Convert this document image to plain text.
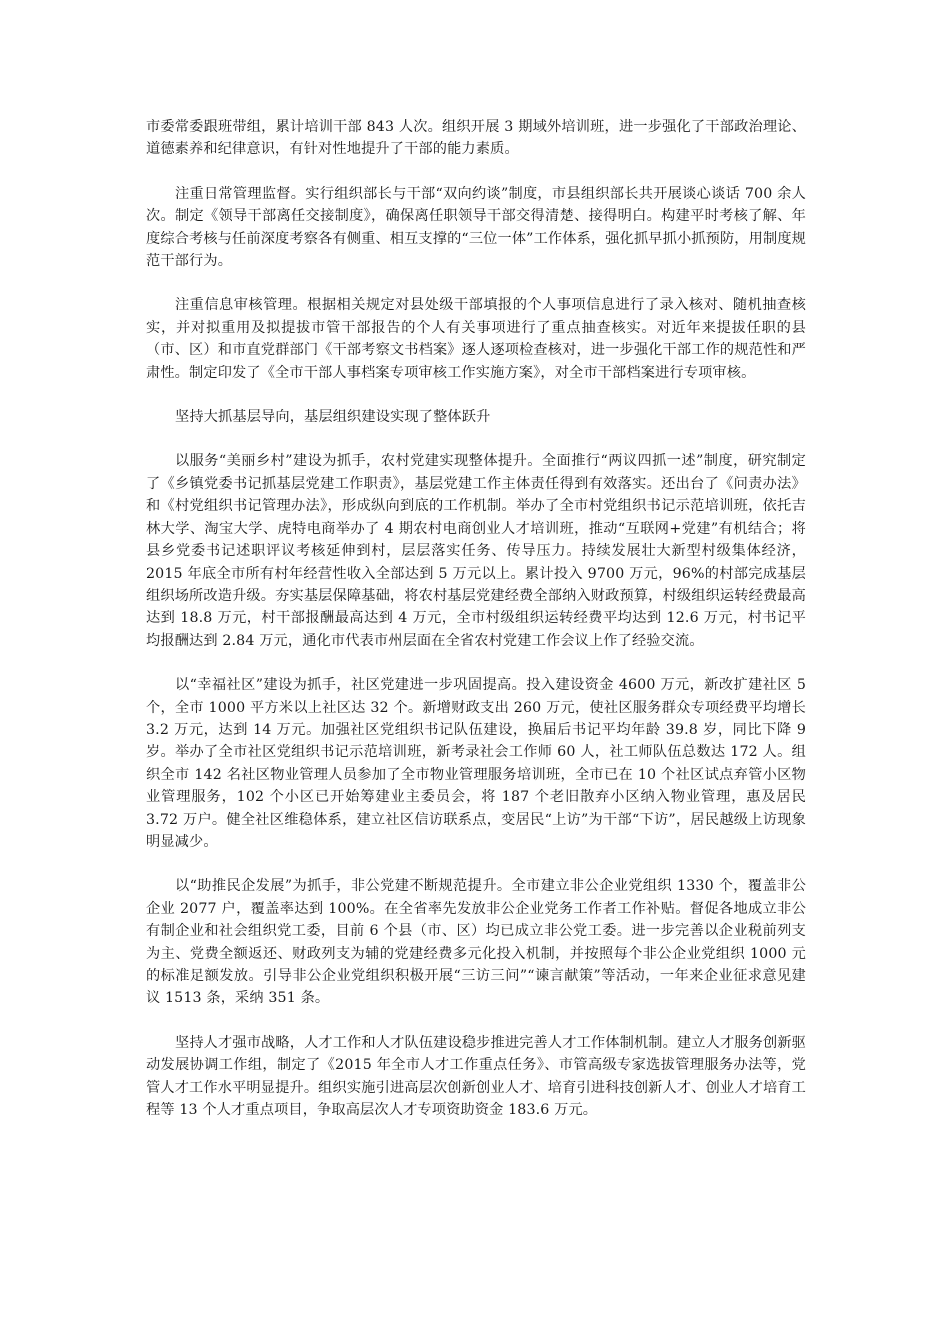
市委常委跟班带组，累计培训干部 843 人次。组织开展 3 期域外培训班，进一步强化了干部政治理论、道德素养和纪律意识，有针对性地提升了干部的能力素质。

注重日常管理监督。实行组织部长与干部“双向约谈”制度，市县组织部长共开展谈心谈话 700 余人次。制定《领导干部离任交接制度》，确保离任职领导干部交得清楚、接得明白。构建平时考核了解、年度综合考核与任前深度考察各有侧重、相互支撑的“三位一体”工作体系，强化抓早抓小抓预防，用制度规范干部行为。

注重信息审核管理。根据相关规定对县处级干部填报的个人事项信息进行了录入核对、随机抽查核实，并对拟重用及拟提拔市管干部报告的个人有关事项进行了重点抽查核实。对近年来提拔任职的县（市、区）和市直党群部门《干部考察文书档案》逐人逐项检查核对，进一步强化干部工作的规范性和严肃性。制定印发了《全市干部人事档案专项审核工作实施方案》，对全市干部档案进行专项审核。

坚持大抓基层导向，基层组织建设实现了整体跃升

以服务“美丽乡村”建设为抓手，农村党建实现整体提升。全面推行“两议四抓一述”制度，研究制定了《乡镇党委书记抓基层党建工作职责》，基层党建工作主体责任得到有效落实。还出台了《问责办法》和《村党组织书记管理办法》，形成纵向到底的工作机制。举办了全市村党组织书记示范培训班，依托吉林大学、淘宝大学、虎特电商举办了 4 期农村电商创业人才培训班，推动“互联网+党建”有机结合；将县乡党委书记述职评议考核延伸到村，层层落实任务、传导压力。持续发展壮大新型村级集体经济，2015 年底全市所有村年经营性收入全部达到 5 万元以上。累计投入 9700 万元，96%的村部完成基层组织场所改造升级。夯实基层保障基础，将农村基层党建经费全部纳入财政预算，村级组织运转经费最高达到 18.8 万元，村干部报酬最高达到 4 万元，全市村级组织运转经费平均达到 12.6 万元，村书记平均报酬达到 2.84 万元，通化市代表市州层面在全省农村党建工作会议上作了经验交流。

以“幸福社区”建设为抓手，社区党建进一步巩固提高。投入建设资金 4600 万元，新改扩建社区 5 个，全市 1000 平方米以上社区达 32 个。新增财政支出 260 万元，使社区服务群众专项经费平均增长 3.2 万元，达到 14 万元。加强社区党组织书记队伍建设，换届后书记平均年龄 39.8 岁，同比下降 9 岁。举办了全市社区党组织书记示范培训班，新考录社会工作师 60 人，社工师队伍总数达 172 人。组织全市 142 名社区物业管理人员参加了全市物业管理服务培训班，全市已在 10 个社区试点弃管小区物业管理服务，102 个小区已开始筹建业主委员会，将 187 个老旧散弃小区纳入物业管理，惠及居民 3.72 万户。健全社区维稳体系，建立社区信访联系点，变居民“上访”为干部“下访”，居民越级上访现象明显减少。

以“助推民企发展”为抓手，非公党建不断规范提升。全市建立非公企业党组织 1330 个，覆盖非公企业 2077 户，覆盖率达到 100%。在全省率先发放非公企业党务工作者工作补贴。督促各地成立非公有制企业和社会组织党工委，目前 6 个县（市、区）均已成立非公党工委。进一步完善以企业税前列支为主、党费全额返还、财政列支为辅的党建经费多元化投入机制，并按照每个非公企业党组织 1000 元的标准足额发放。引导非公企业党组织积极开展“三访三问”“谏言献策”等活动，一年来企业征求意见建议 1513 条，采纳 351 条。

坚持人才强市战略，人才工作和人才队伍建设稳步推进完善人才工作体制机制。建立人才服务创新驱动发展协调工作组，制定了《2015 年全市人才工作重点任务》、市管高级专家选拔管理服务办法等，党管人才工作水平明显提升。组织实施引进高层次创新创业人才、培育引进科技创新人才、创业人才培育工程等 13 个人才重点项目，争取高层次人才专项资助资金 183.6 万元。
